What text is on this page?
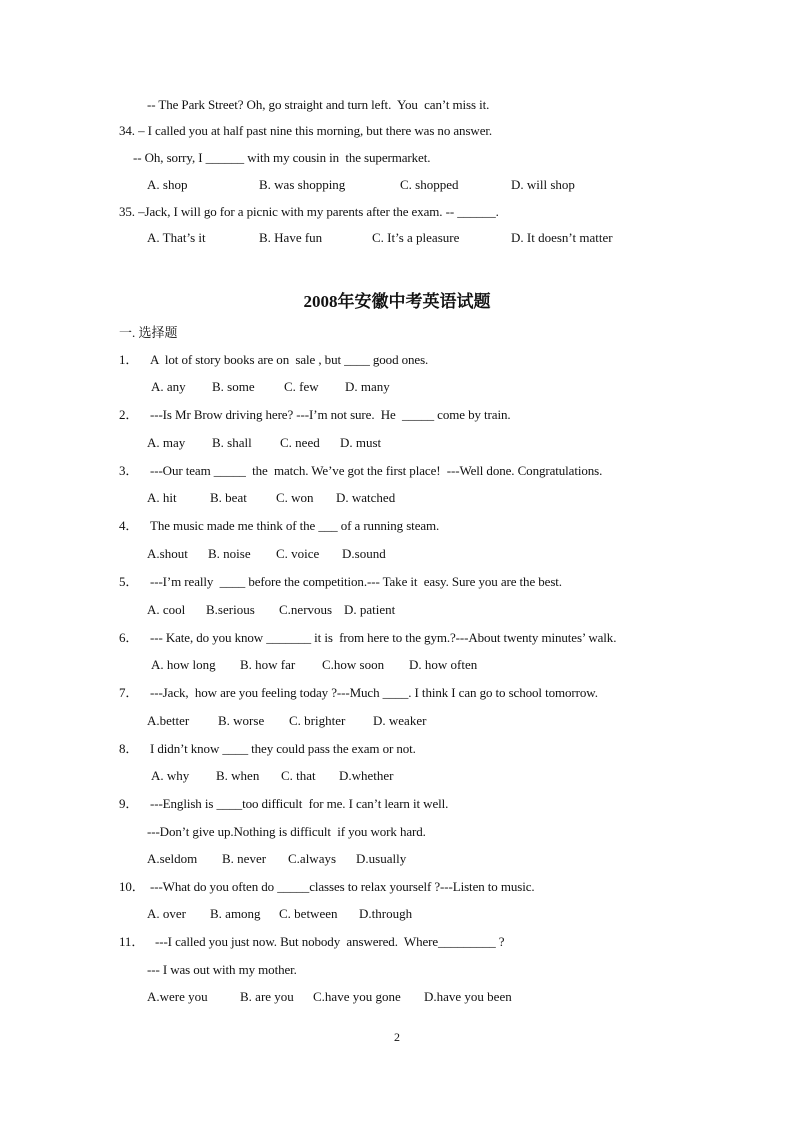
-- The Park Street? Oh, go straight and turn left.  You  can’t miss it.
34. – I called you at half past nine this morning, but there was no answer.
-- Oh, sorry, I ______ with my cousin in  the supermarket.
A. shop	B. was shopping	C. shopped	D. will shop
35. –Jack, I will go for a picnic with my parents after the exam. -- ______.
A. That’s it	B. Have fun	C. It’s a pleasure	D. It doesn’t matter
2008年安徽中考英语试题
一. 选择题
1． A  lot of story books are on  sale , but ____ good ones.
A. any B. some C. few D. many
2． ---Is Mr Brow driving here? ---I’m not sure.  He  _____ come by train.
A. may B. shall C. need D. must
3． ---Our team _____  the  match. We’ve got the first place!  ---Well done. Congratulations.
A. hit	B. beat C. won D. watched
4． The music made me think of the ___ of a running steam.
A.shout B. noise C. voice D.sound
5． ---I’m really  ____ before the competition.--- Take it  easy. Sure you are the best.
A. cool B.serious C.nervous D. patient
6． --- Kate, do you know _______ it is  from here to the gym.?---About twenty minutes’ walk.
A. how long B. how far C.how soon D. how often
7． ---Jack,  how are you feeling today ?---Much ____. I think I can go to school tomorrow.
A.better B. worse C. brighter D. weaker
8． I didn’t know ____ they could pass the exam or not.
A. why B. when C. that D.whether
9． ---English is ____too difficult  for me. I can’t learn it well.
---Don’t give up.Nothing is difficult  if you work hard.
A.seldom B. never C.always D.usually
10． ---What do you often do _____classes to relax yourself ?---Listen to music.
A. over B. among C. between D.through
11． ---I called you just now. But nobody  answered.  Where_________ ?
--- I was out with my mother.
A.were you B. are you C.have you gone D.have you been
2
